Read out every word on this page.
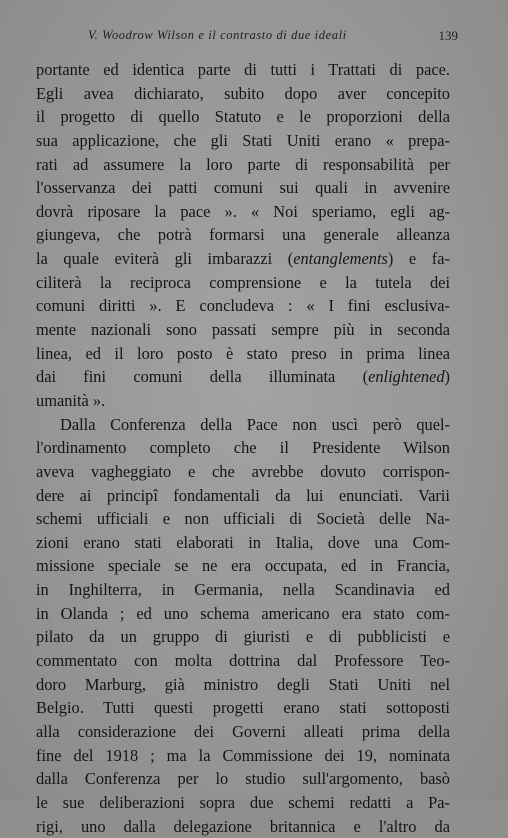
V. Woodrow Wilson e il contrasto di due ideali	139

portante ed identica parte di tutti i Trattati di pace.
Egli avea dichiarato, subito dopo aver concepito
il progetto di quello Statuto e le proporzioni della
sua applicazione, che gli Stati Uniti erano « prepa-
rati ad assumere la loro parte di responsabilità per
l'osservanza dei patti comuni sui quali in avvenire
dovrà riposare la pace ». « Noi speriamo, egli ag-
giungeva, che potrà formarsi una generale alleanza
la quale eviterà gli imbarazzi (entanglements) e fa-
ciliterà la reciproca comprensione e la tutela dei
comuni diritti ». E concludeva : « I fini esclusiva-
mente nazionali sono passati sempre più in seconda
linea, ed il loro posto è stato preso in prima linea
dai fini comuni della illuminata (enlightened)
umanità ».

Dalla Conferenza della Pace non uscì però quel-
l'ordinamento completo che il Presidente Wilson
aveva vagheggiato e che avrebbe dovuto corrispon-
dere ai principî fondamentali da lui enunciati. Varii
schemi ufficiali e non ufficiali di Società delle Na-
zioni erano stati elaborati in Italia, dove una Com-
missione speciale se ne era occupata, ed in Francia,
in Inghilterra, in Germania, nella Scandinavia ed
in Olanda ; ed uno schema americano era stato com-
pilato da un gruppo di giuristi e di pubblicisti e
commentato con molta dottrina dal Professore Teo-
doro Marburg, già ministro degli Stati Uniti nel
Belgio. Tutti questi progetti erano stati sottoposti
alla considerazione dei Governi alleati prima della
fine del 1918 ; ma la Commissione dei 19, nominata
dalla Conferenza per lo studio sull'argomento, basò
le sue deliberazioni sopra due schemi redatti a Pa-
rigi, uno dalla delegazione britannica e l'altro da
